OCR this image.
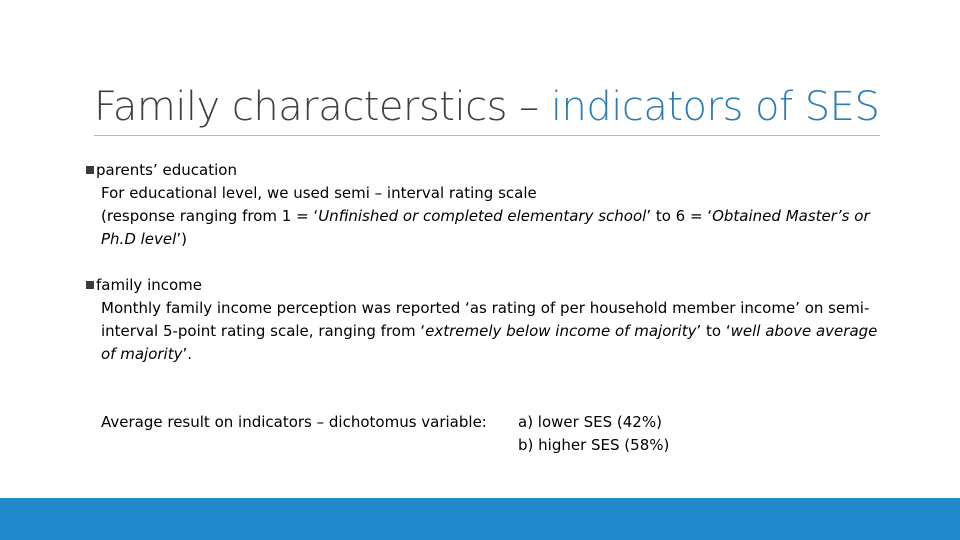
Family characterstics – indicators of SES
parents’ education

For educational level, we used semi – interval rating scale

(response ranging from 1 = ‘Unfinished or completed elementary school’ to 6 = ‘Obtained Master’s or Ph.D level’)

family income

Monthly family income perception was reported ‘as rating of per household member income’ on semi-interval 5-point rating scale, ranging from ‘extremely below income of majority’ to ‘well above average of majority’.

Average result on indicators – dichotomus variable: a) lower SES (42%)
b) higher SES (58%)
